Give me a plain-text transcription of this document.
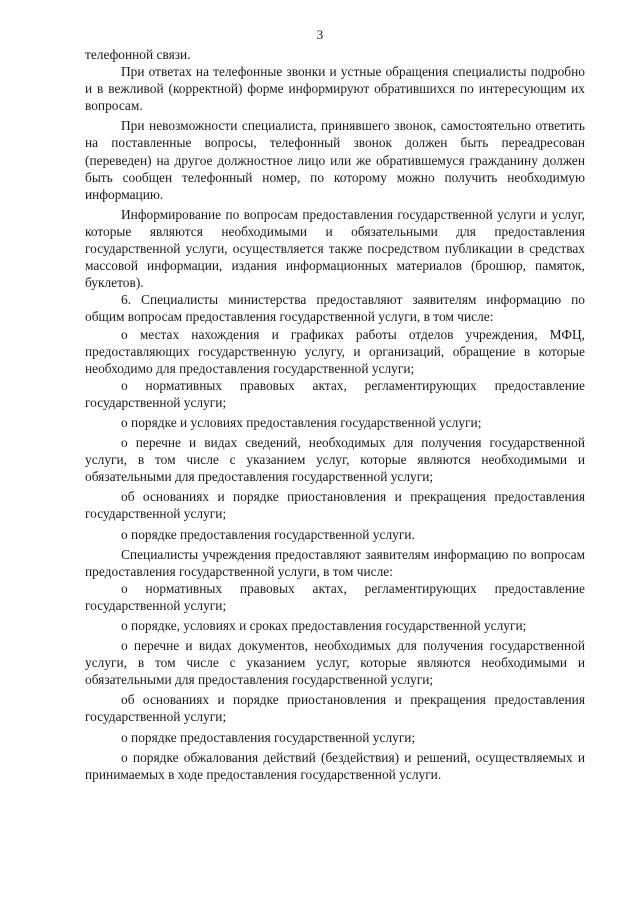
3

телефонной связи.

При ответах на телефонные звонки и устные обращения специалисты подробно и в вежливой (корректной) форме информируют обратившихся по интересующим их вопросам.

При невозможности специалиста, принявшего звонок, самостоятельно ответить на поставленные вопросы, телефонный звонок должен быть переадресован (переведен) на другое должностное лицо или же обратившемуся гражданину должен быть сообщен телефонный номер, по которому можно получить необходимую информацию.

Информирование по вопросам предоставления государственной услуги и услуг, которые являются необходимыми и обязательными для предоставления государственной услуги, осуществляется также посредством публикации в средствах массовой информации, издания информационных материалов (брошюр, памяток, буклетов).

6. Специалисты министерства предоставляют заявителям информацию по общим вопросам предоставления государственной услуги, в том числе:

о местах нахождения и графиках работы отделов учреждения, МФЦ, предоставляющих государственную услугу, и организаций, обращение в которые необходимо для предоставления государственной услуги;

о нормативных правовых актах, регламентирующих предоставление государственной услуги;

о порядке и условиях предоставления государственной услуги;

о перечне и видах сведений, необходимых для получения государственной услуги, в том числе с указанием услуг, которые являются необходимыми и обязательными для предоставления государственной услуги;

об основаниях и порядке приостановления и прекращения предоставления государственной услуги;

о порядке предоставления государственной услуги.

Специалисты учреждения предоставляют заявителям информацию по вопросам предоставления государственной услуги, в том числе:

о нормативных правовых актах, регламентирующих предоставление государственной услуги;

о порядке, условиях и сроках предоставления государственной услуги;

о перечне и видах документов, необходимых для получения государственной услуги, в том числе с указанием услуг, которые являются необходимыми и обязательными для предоставления государственной услуги;

об основаниях и порядке приостановления и прекращения предоставления государственной услуги;

о порядке предоставления государственной услуги;

о порядке обжалования действий (бездействия) и решений, осуществляемых и принимаемых в ходе предоставления государственной услуги.
